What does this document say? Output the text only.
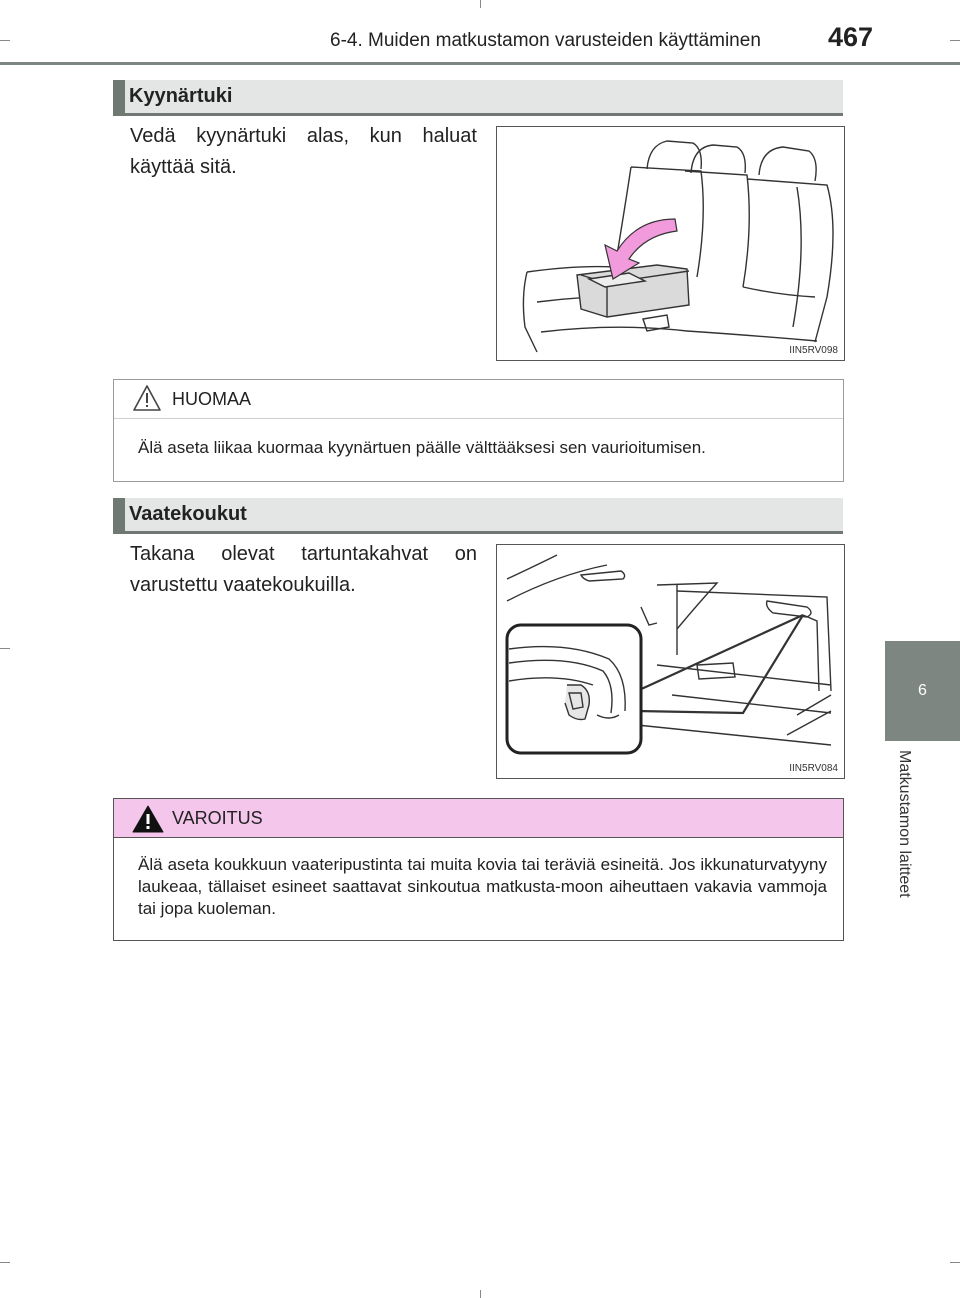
6-4. Muiden matkustamon varusteiden käyttäminen 467
6
Matkustamon laitteet
Kyynärtuki
Vedä kyynärtuki alas, kun haluat käyttää sitä.
IIN5RV098
HUOMAA
Älä aseta liikaa kuormaa kyynärtuen päälle välttääksesi sen vaurioitumisen.
Vaatekoukut
Takana olevat tartuntakahvat on varustettu vaatekoukuilla.
IIN5RV084
VAROITUS
Älä aseta koukkuun vaateripustinta tai muita kovia tai teräviä esineitä. Jos ikkunaturvatyyny laukeaa, tällaiset esineet saattavat sinkoutua matkusta-moon aiheuttaen vakavia vammoja tai jopa kuoleman.
